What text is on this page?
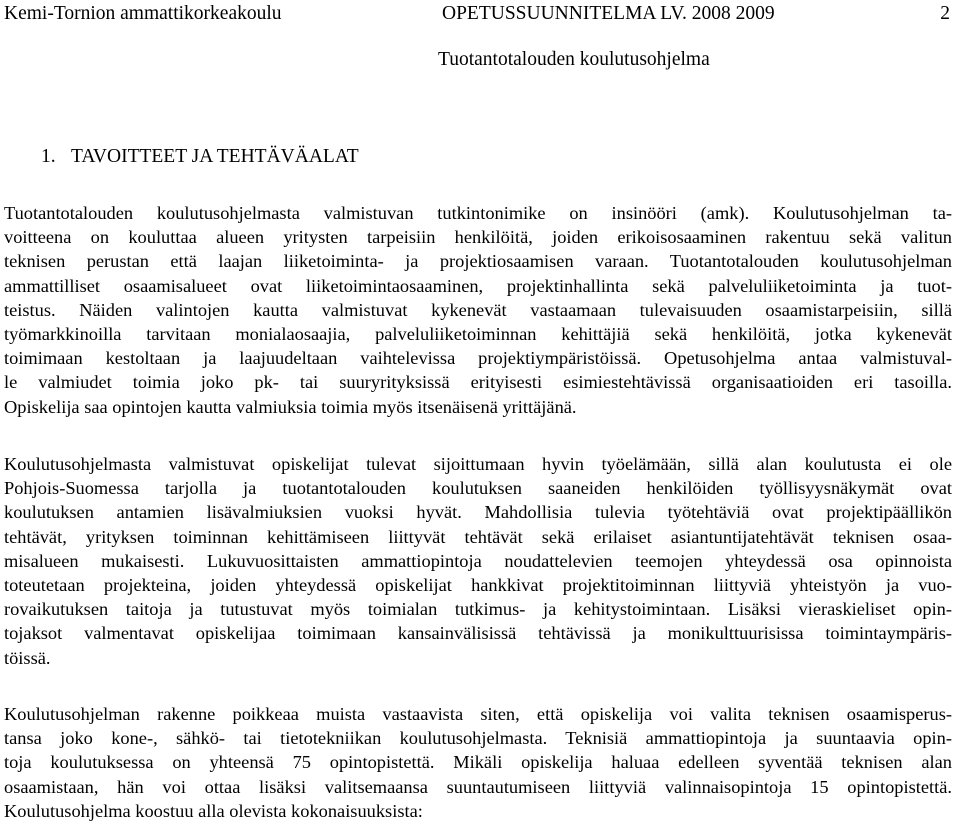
Kemi-Tornion ammattikorkeakoulu	OPETUSSUUNNITELMA LV. 2008 2009	2
Tuotantotalouden koulutusohjelma
1. TAVOITTEET JA TEHTÄVÄALAT

Tuotantotalouden koulutusohjelmasta valmistuvan tutkintonimike on insinööri (amk). Koulutusohjelman ta-
voitteena on kouluttaa alueen yritysten tarpeisiin henkilöitä, joiden erikoisosaaminen rakentuu sekä valitun
teknisen perustan että laajan liiketoiminta- ja projektiosaamisen varaan. Tuotantotalouden koulutusohjelman
ammattilliset osaamisalueet ovat liiketoimintaosaaminen, projektinhallinta sekä palveluliiketoiminta ja tuot-
teistus. Näiden valintojen kautta valmistuvat kykenevät vastaamaan tulevaisuuden osaamistarpeisiin, sillä
työmarkkinoilla tarvitaan monialaosaajia, palveluliiketoiminnan kehittäjiä sekä henkilöitä, jotka kykenevät
toimimaan kestoltaan ja laajuudeltaan vaihtelevissa projektiympäristöissä. Opetusohjelma antaa valmistuval-
le valmiudet toimia joko pk- tai suuryrityksissä erityisesti esimiestehtävissä organisaatioiden eri tasoilla.
Opiskelija saa opintojen kautta valmiuksia toimia myös itsenäisenä yrittäjänä.

Koulutusohjelmasta valmistuvat opiskelijat tulevat sijoittumaan hyvin työelämään, sillä alan koulutusta ei ole
Pohjois-Suomessa tarjolla ja tuotantotalouden koulutuksen saaneiden henkilöiden työllisyysnäkymät ovat
koulutuksen antamien lisävalmiuksien vuoksi hyvät. Mahdollisia tulevia työtehtäviä ovat projektipäällikön
tehtävät, yrityksen toiminnan kehittämiseen liittyvät tehtävät sekä erilaiset asiantuntijatehtävät teknisen osaa-
misalueen mukaisesti. Lukuvuosittaisten ammattiopintoja noudattelevien teemojen yhteydessä osa opinnoista
toteutetaan projekteina, joiden yhteydessä opiskelijat hankkivat projektitoiminnan liittyviä yhteistyön ja vuo-
rovaikutuksen taitoja ja tutustuvat myös toimialan tutkimus- ja kehitystoimintaan. Lisäksi vieraskieliset opin-
tojaksot valmentavat opiskelijaa toimimaan kansainvälisissä tehtävissä ja monikulttuurisissa toimintaympäris-
töissä.

Koulutusohjelman rakenne poikkeaa muista vastaavista siten, että opiskelija voi valita teknisen osaamisperus-
tansa joko kone-, sähkö- tai tietotekniikan koulutusohjelmasta. Teknisiä ammattiopintoja ja suuntaavia opin-
toja koulutuksessa on yhteensä 75 opintopistettä. Mikäli opiskelija haluaa edelleen syventää teknisen alan
osaamistaan, hän voi ottaa lisäksi valitsemaansa suuntautumiseen liittyviä valinnaisopintoja 15 opintopistettä.
Koulutusohjelma koostuu alla olevista kokonaisuuksista:
